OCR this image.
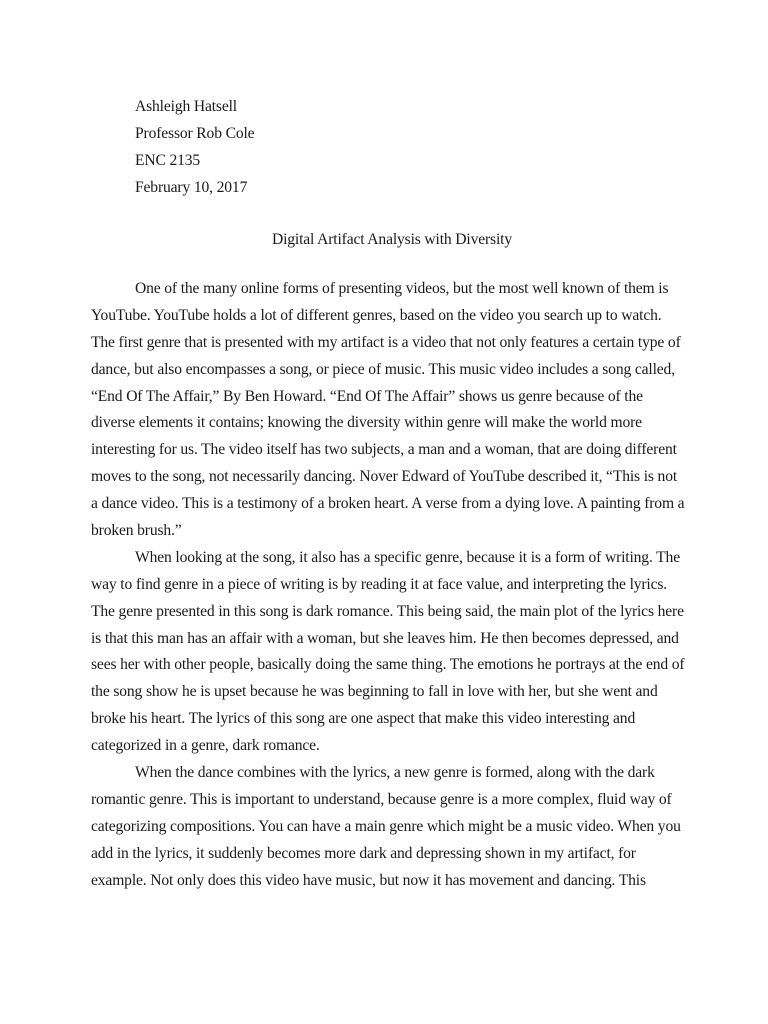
Ashleigh Hatsell
Professor Rob Cole
ENC 2135
February 10, 2017
Digital Artifact Analysis with Diversity
One of the many online forms of presenting videos, but the most well known of them is
YouTube. YouTube holds a lot of different genres, based on the video you search up to watch.
The first genre that is presented with my artifact is a video that not only features a certain type of
dance, but also encompasses a song, or piece of music. This music video includes a song called,
“End Of The Affair,” By Ben Howard. “End Of The Affair” shows us genre because of the
diverse elements it contains; knowing the diversity within genre will make the world more
interesting for us. The video itself has two subjects, a man and a woman, that are doing different
moves to the song, not necessarily dancing. Nover Edward of YouTube described it, “This is not
a dance video. This is a testimony of a broken heart. A verse from a dying love. A painting from a
broken brush.”
When looking at the song, it also has a specific genre, because it is a form of writing. The
way to find genre in a piece of writing is by reading it at face value, and interpreting the lyrics.
The genre presented in this song is dark romance. This being said, the main plot of the lyrics here
is that this man has an affair with a woman, but she leaves him. He then becomes depressed, and
sees her with other people, basically doing the same thing. The emotions he portrays at the end of
the song show he is upset because he was beginning to fall in love with her, but she went and
broke his heart. The lyrics of this song are one aspect that make this video interesting and
categorized in a genre, dark romance.
When the dance combines with the lyrics, a new genre is formed, along with the dark
romantic genre. This is important to understand, because genre is a more complex, fluid way of
categorizing compositions. You can have a main genre which might be a music video. When you
add in the lyrics, it suddenly becomes more dark and depressing shown in my artifact, for
example. Not only does this video have music, but now it has movement and dancing. This
